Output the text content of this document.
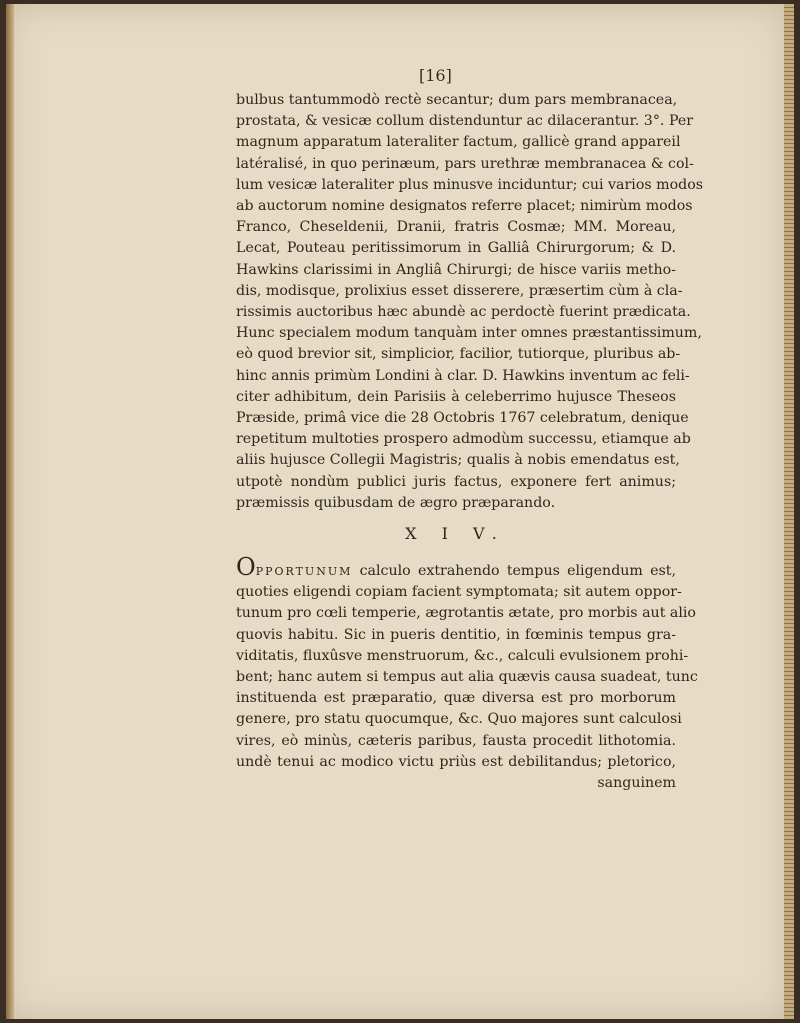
[16]
bulbus tantummodò rectè secantur; dum pars membranacea,
prostata, & vesicæ collum distenduntur ac dilacerantur. 3°. Per
magnum apparatum lateraliter factum, gallicè grand appareil
latéralisé, in quo perinæum, pars urethræ membranacea & col-
lum vesicæ lateraliter plus minusve inciduntur; cui varios modos
ab auctorum nomine designatos referre placet; nimirùm modos
Franco, Cheseldenii, Dranii, fratris Cosmæ; MM. Moreau,
Lecat, Pouteau peritissimorum in Galliâ Chirurgorum; & D.
Hawkins clarissimi in Angliâ Chirurgi; de hisce variis metho-
dis, modisque, prolixius esset disserere, præsertim cùm à cla-
rissimis auctoribus hæc abundè ac perdoctè fuerint prædicata.
Hunc specialem modum tanquàm inter omnes præstantissimum,
eò quod brevior sit, simplicior, facilior, tutiorque, pluribus ab-
hinc annis primùm Londini à clar. D. Hawkins inventum ac feli-
citer adhibitum, dein Parisiis à celeberrimo hujusce Thesеos
Præside, primâ vice die 28 Octobris 1767 celebratum, denique
repetitum multoties prospero admodùm successu, etiamque ab
aliis hujusce Collegii Magistris; qualis à nobis emendatus est,
utpotè nondùm publici juris factus, exponere fert animus;
præmissis quibusdam de ægro præparando.
X I V.
OPPORTUNUM calculo extrahendo tempus eligendum est,
quoties eligendi copiam facient symptomata; sit autem oppor-
tunum pro cœli temperie, ægrotantis ætate, pro morbis aut alio
quovis habitu. Sic in pueris dentitio, in fœminis tempus gra-
viditatis, fluxûsve menstruorum, &c., calculi evulsionem prohi-
bent; hanc autem si tempus aut alia quævis causa suadeat, tunc
instituenda est præparatio, quæ diversa est pro morborum
genere, pro statu quocumque, &c. Quo majores sunt calculosi
vires, eò minùs, cæteris paribus, fausta procedit lithotomia.
undè tenui ac modico victu priùs est debilitandus; pletorico,
sanguinem
